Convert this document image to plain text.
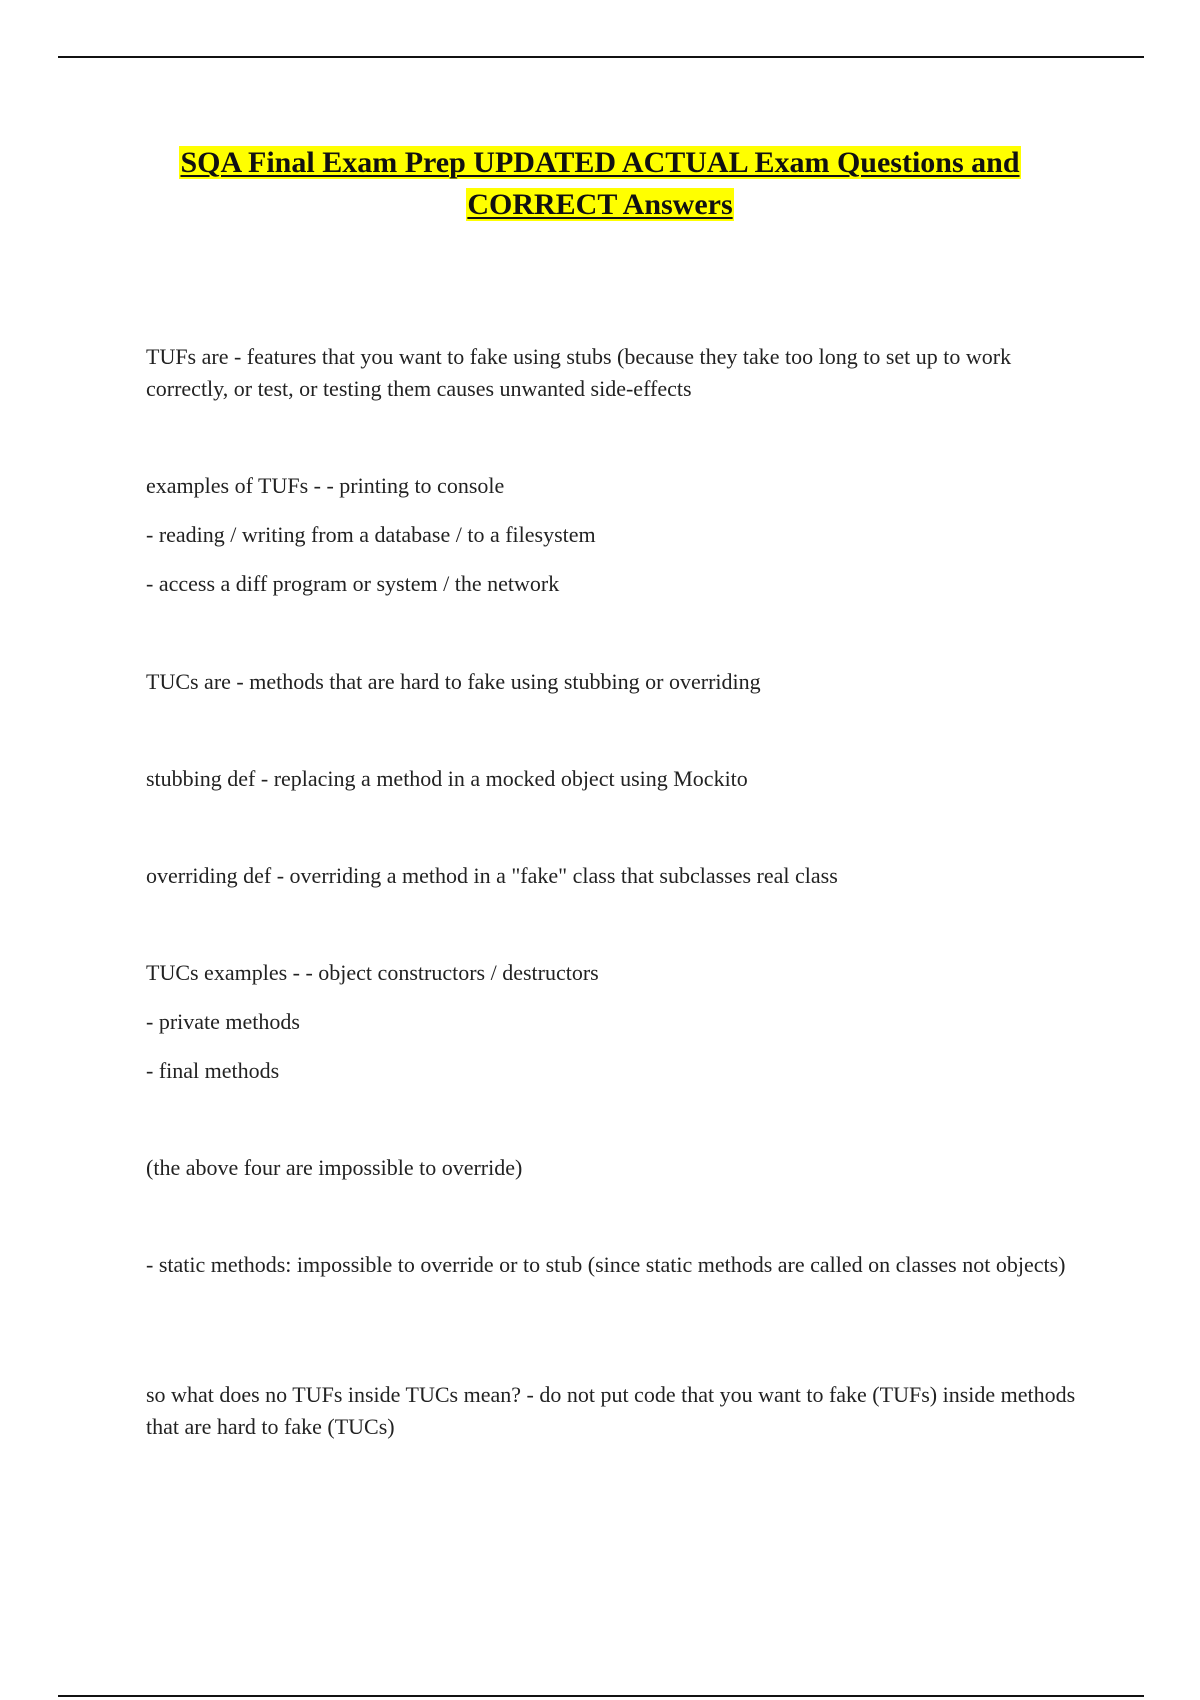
SQA Final Exam Prep UPDATED ACTUAL Exam Questions and
CORRECT Answers

TUFs are - features that you want to fake using stubs (because they take too long to set up to work correctly, or test, or testing them causes unwanted side-effects

examples of TUFs - - printing to console

- reading / writing from a database / to a filesystem

- access a diff program or system / the network

TUCs are - methods that are hard to fake using stubbing or overriding

stubbing def - replacing a method in a mocked object using Mockito

overriding def - overriding a method in a "fake" class that subclasses real class

TUCs examples - - object constructors / destructors

- private methods

- final methods

(the above four are impossible to override)

- static methods: impossible to override or to stub (since static methods are called on classes not objects)

so what does no TUFs inside TUCs mean? - do not put code that you want to fake (TUFs) inside methods that are hard to fake (TUCs)
